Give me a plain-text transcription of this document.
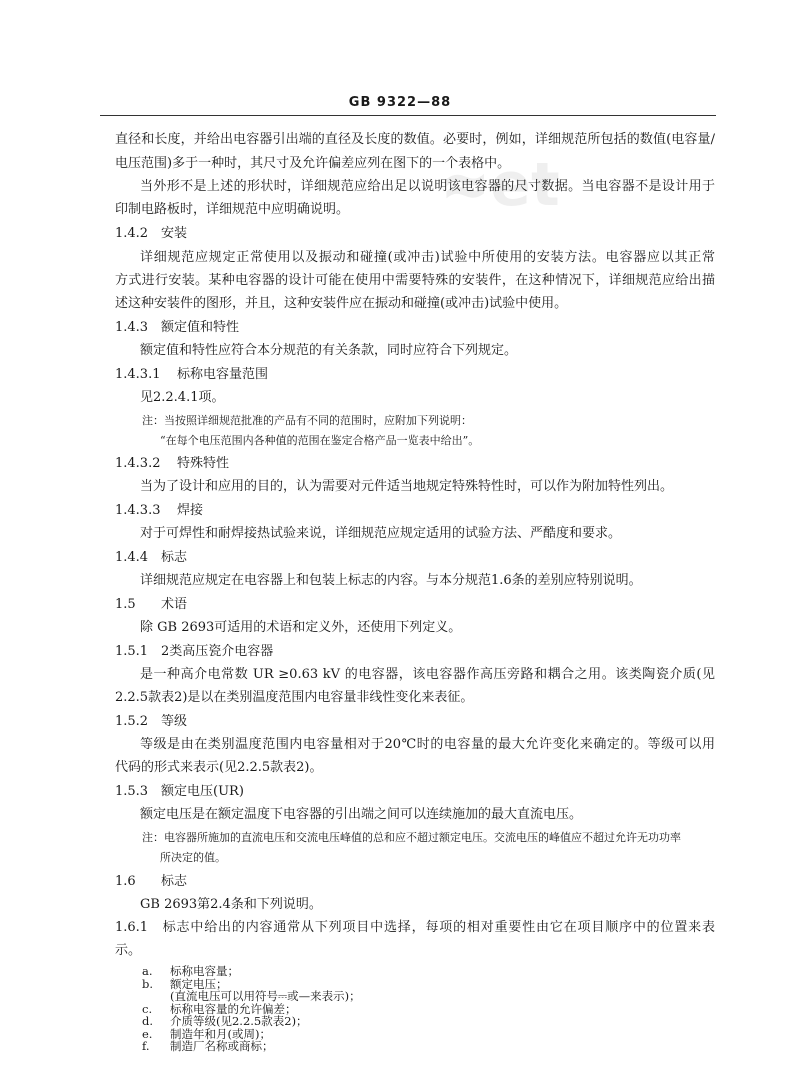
≈et
GB 9322—88
直径和长度，并给出电容器引出端的直径及长度的数值。必要时，例如，详细规范所包括的数值(电容量/
电压范围)多于一种时，其尺寸及允许偏差应列在图下的一个表格中。
当外形不是上述的形状时，详细规范应给出足以说明该电容器的尺寸数据。当电容器不是设计用于
印制电路板时，详细规范中应明确说明。
1.4.2 安装
详细规范应规定正常使用以及振动和碰撞(或冲击)试验中所使用的安装方法。电容器应以其正常
方式进行安装。某种电容器的设计可能在使用中需要特殊的安装件，在这种情况下，详细规范应给出描
述这种安装件的图形，并且，这种安装件应在振动和碰撞(或冲击)试验中使用。
1.4.3 额定值和特性
额定值和特性应符合本分规范的有关条款，同时应符合下列规定。
1.4.3.1 标称电容量范围
见2.2.4.1项。
注：当按照详细规范批准的产品有不同的范围时，应附加下列说明：
“在每个电压范围内各种值的范围在鉴定合格产品一览表中给出”。
1.4.3.2 特殊特性
当为了设计和应用的目的，认为需要对元件适当地规定特殊特性时，可以作为附加特性列出。
1.4.3.3 焊接
对于可焊性和耐焊接热试验来说，详细规范应规定适用的试验方法、严酷度和要求。
1.4.4 标志
详细规范应规定在电容器上和包装上标志的内容。与本分规范1.6条的差别应特别说明。
1.5 术语
除 GB 2693可适用的术语和定义外，还使用下列定义。
1.5.1 2类高压瓷介电容器
是一种高介电常数 UR ≥0.63 kV 的电容器，该电容器作高压旁路和耦合之用。该类陶瓷介质(见
2.2.5款表2)是以在类别温度范围内电容量非线性变化来表征。
1.5.2 等级
等级是由在类别温度范围内电容量相对于20℃时的电容量的最大允许变化来确定的。等级可以用
代码的形式来表示(见2.2.5款表2)。
1.5.3 额定电压(UR)
额定电压是在额定温度下电容器的引出端之间可以连续施加的最大直流电压。
注：电容器所施加的直流电压和交流电压峰值的总和应不超过额定电压。交流电压的峰值应不超过允许无功功率
所决定的值。
1.6 标志
GB 2693第2.4条和下列说明。
1.6.1　标志中给出的内容通常从下列项目中选择，每项的相对重要性由它在项目顺序中的位置来表
示。
a. 标称电容量；
b. 额定电压；
(直流电压可以用符号⎓或—来表示)；
c. 标称电容量的允许偏差；
d. 介质等级(见2.2.5款表2)；
e. 制造年和月(或周)；
f. 制造厂名称或商标；
